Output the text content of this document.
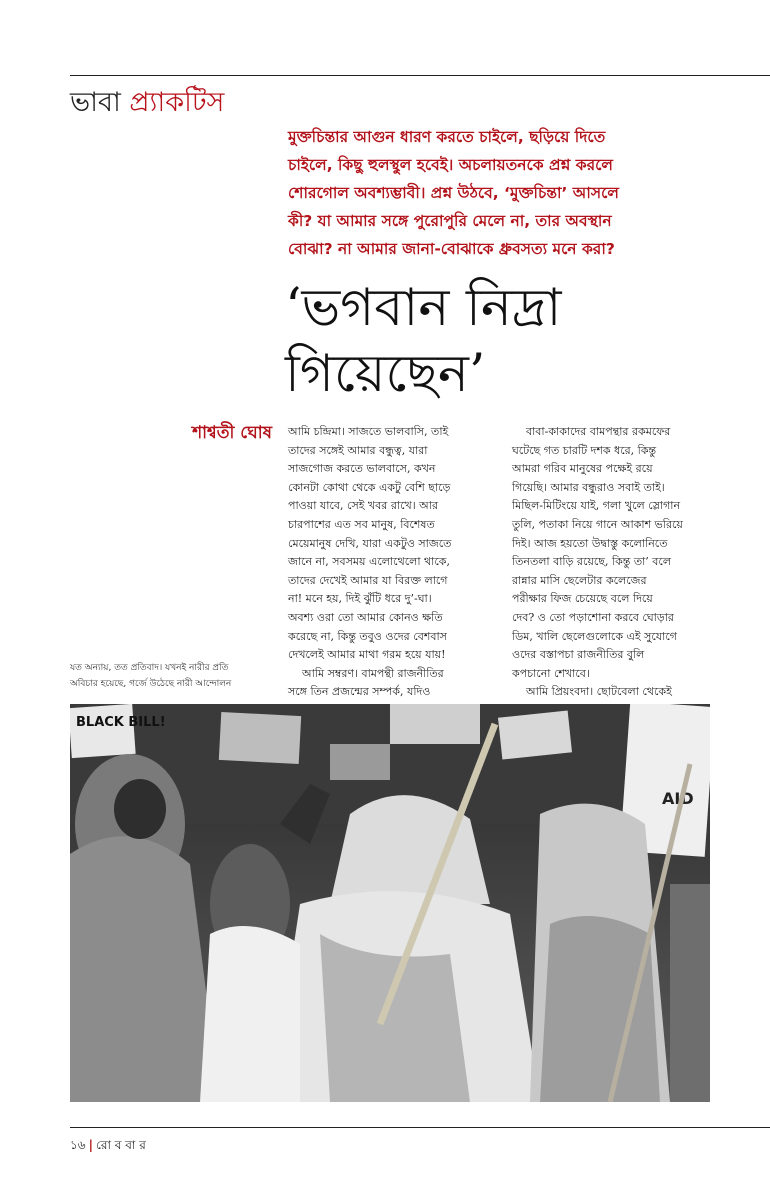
ভাবা প্র্যাকটিস

মুক্তচিন্তার আগুন ধারণ করতে চাইলে, ছড়িয়ে দিতে

চাইলে, কিছু হুলস্থুল হবেই। অচলায়তনকে প্রশ্ন করলে

শোরগোল অবশ্যম্ভাবী। প্রশ্ন উঠবে, ‘মুক্তচিন্তা’ আসলে

কী? যা আমার সঙ্গে পুরোপুরি মেলে না, তার অবস্থান

বোঝা? না আমার জানা-বোঝাকে ধ্রুবসত্য মনে করা?

‘ভগবান নিদ্রা
গিয়েছেন’
শাশ্বতী ঘোষ আমি চন্দ্রিমা। সাজতে ভালবাসি, তাই

তাদের সঙ্গেই আমার বন্ধুত্ব, যারা

সাজগোজ করতে ভালবাসে, কখন

কোনটা কোথা থেকে একটু বেশি ছাড়ে

পাওয়া যাবে, সেই খবর রাখে। আর

চারপাশের এত সব মানুষ, বিশেষত

মেয়েমানুষ দেখি, যারা একটুও সাজতে

জানে না, সবসময় এলোথেলো থাকে,

তাদের দেখেই আমার যা বিরক্ত লাগে

না! মনে হয়, দিই ঝুঁটি ধরে দু’-ঘা।

অবশ্য ওরা তো আমার কোনও ক্ষতি

করেছে না, কিন্তু তবুও ওদের বেশবাস

দেখলেই আমার মাথা গরম হয়ে যায়!

আমি সম্বরণ। বামপন্থী রাজনীতির

সঙ্গে তিন প্রজন্মের সম্পর্ক, যদিও

বাবা-কাকাদের বামপন্থার রকমফের

ঘটেছে গত চারটি দশক ধরে, কিন্তু

আমরা গরিব মানুষের পক্ষেই রয়ে

গিয়েছি। আমার বন্ধুরাও সবাই তাই।

মিছিল-মিটিংয়ে যাই, গলা খুলে স্লোগান

তুলি, পতাকা নিয়ে গানে আকাশ ভরিয়ে

দিই। আজ হয়তো উদ্বাস্তু কলোনিতে

তিনতলা বাড়ি রয়েছে, কিন্তু তা’ বলে

রান্নার মাসি ছেলেটার কলেজের

পরীক্ষার ফিজ চেয়েছে বলে দিয়ে

দেব? ও তো পড়াশোনা করবে ঘোড়ার

ডিম, খালি ছেলেগুলোকে এই সুযোগে

ওদের বস্তাপচা রাজনীতির বুলি

কপচানো শেখাবে।

আমি প্রিয়ংবদা। ছোটবেলা থেকেই

যত অন্যায়, তত প্রতিবাদ। যখনই নারীর প্রতি

অবিচার হয়েছে, গর্জে উঠেছে নারী আন্দোলন

BLACK BILL!
AID
১৬ | রো ব বা র
